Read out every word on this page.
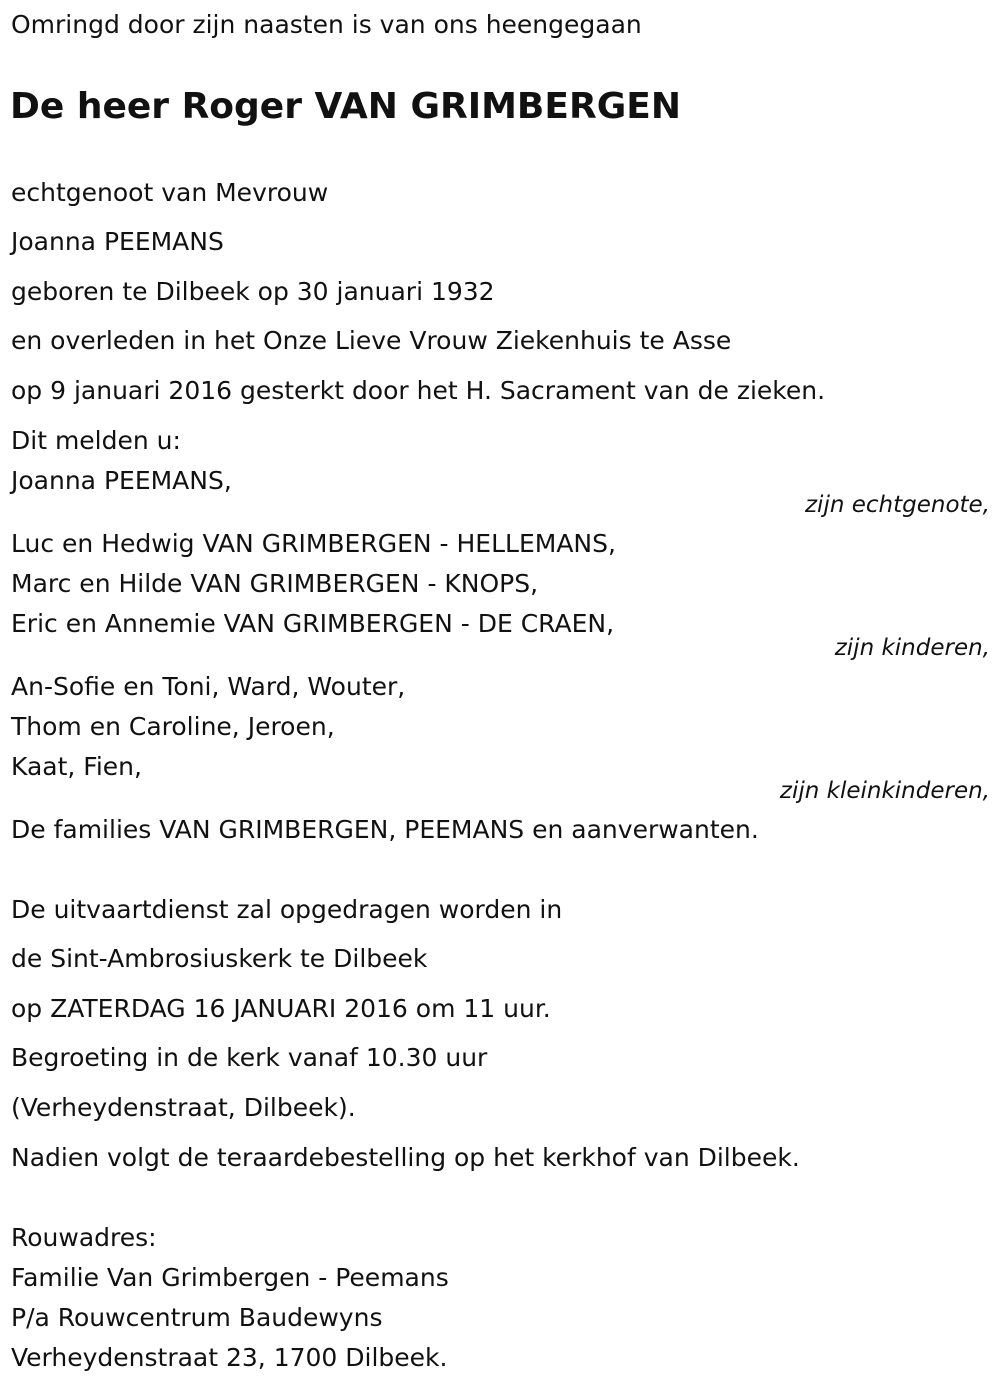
Omringd door zijn naasten is van ons heengegaan
De heer Roger VAN GRIMBERGEN
echtgenoot van Mevrouw
Joanna PEEMANS
geboren te Dilbeek op 30 januari 1932
en overleden in het Onze Lieve Vrouw Ziekenhuis te Asse
op 9 januari 2016 gesterkt door het H. Sacrament van de zieken.
Dit melden u:
Joanna PEEMANS,
zijn echtgenote,
Luc en Hedwig VAN GRIMBERGEN - HELLEMANS,
Marc en Hilde VAN GRIMBERGEN - KNOPS,
Eric en Annemie VAN GRIMBERGEN - DE CRAEN,
zijn kinderen,
An-Sofie en Toni, Ward, Wouter,
Thom en Caroline, Jeroen,
Kaat, Fien,
zijn kleinkinderen,
De families VAN GRIMBERGEN, PEEMANS en aanverwanten.
De uitvaartdienst zal opgedragen worden in
de Sint-Ambrosiuskerk te Dilbeek
op ZATERDAG 16 JANUARI 2016 om 11 uur.
Begroeting in de kerk vanaf 10.30 uur
(Verheydenstraat, Dilbeek).
Nadien volgt de teraardebestelling op het kerkhof van Dilbeek.
Rouwadres:
Familie Van Grimbergen - Peemans
P/a Rouwcentrum Baudewyns
Verheydenstraat 23, 1700 Dilbeek.
